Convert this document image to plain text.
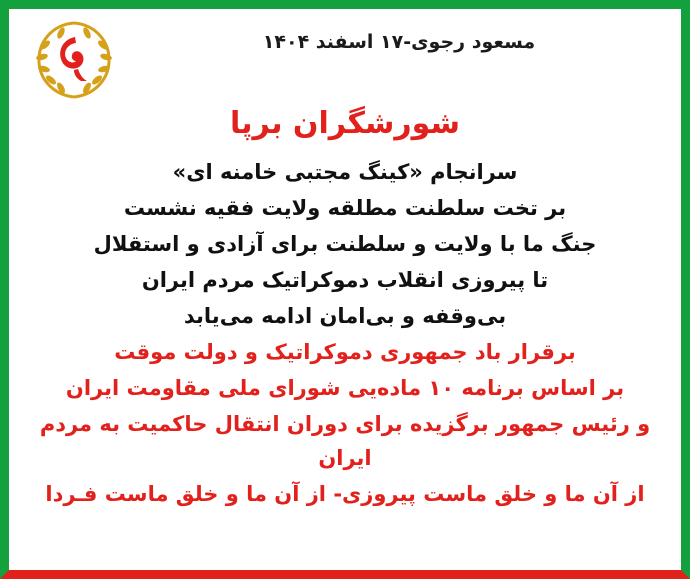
مسعود رجوی-۱۷ اسفند ۱۴۰۴
شورشگران برپا

سرانجام «کینگ مجتبی خامنه ای»

بر تخت سلطنت مطلقه ولایت فقیه نشست

جنگ ما با ولایت و سلطنت برای آزادی و استقلال

تا پیروزی انقلاب دموکراتیک مردم ایران

بی‌وقفه و بی‌امان ادامه می‌یابد

برقرار باد جمهوری دموکراتیک و دولت موقت

بر اساس برنامه ۱۰ ماده‌یی شورای ملی مقاومت ایران

و رئیس جمهور برگزیده برای دوران انتقال حاکمیت به مردم ایران

از آن ما و خلق ماست پیروزی- از آن ما و خلق ماست فـردا
